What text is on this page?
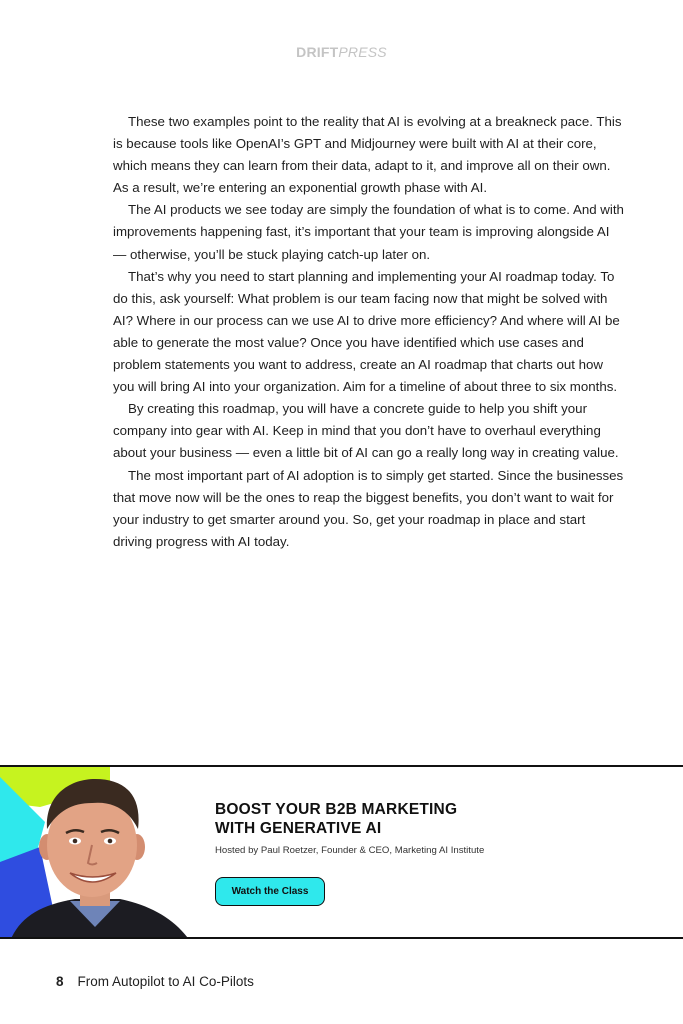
DRIFTPRESS

These two examples point to the reality that AI is evolving at a breakneck pace. This is because tools like OpenAI’s GPT and Midjourney were built with AI at their core, which means they can learn from their data, adapt to it, and improve all on their own. As a result, we’re entering an exponential growth phase with AI.

The AI products we see today are simply the foundation of what is to come. And with improvements happening fast, it’s important that your team is improving alongside AI — otherwise, you’ll be stuck playing catch-up later on.

That’s why you need to start planning and implementing your AI roadmap today. To do this, ask yourself: What problem is our team facing now that might be solved with AI? Where in our process can we use AI to drive more efficiency? And where will AI be able to generate the most value? Once you have identified which use cases and problem statements you want to address, create an AI roadmap that charts out how you will bring AI into your organization. Aim for a timeline of about three to six months.

By creating this roadmap, you will have a concrete guide to help you shift your company into gear with AI. Keep in mind that you don’t have to overhaul everything about your business — even a little bit of AI can go a really long way in creating value.

The most important part of AI adoption is to simply get started. Since the businesses that move now will be the ones to reap the biggest benefits, you don’t want to wait for your industry to get smarter around you. So, get your roadmap in place and start driving progress with AI today.

BOOST YOUR B2B MARKETING
WITH GENERATIVE AI
Hosted by Paul Roetzer, Founder & CEO, Marketing AI Institute
Watch the Class
8 From Autopilot to AI Co-Pilots
